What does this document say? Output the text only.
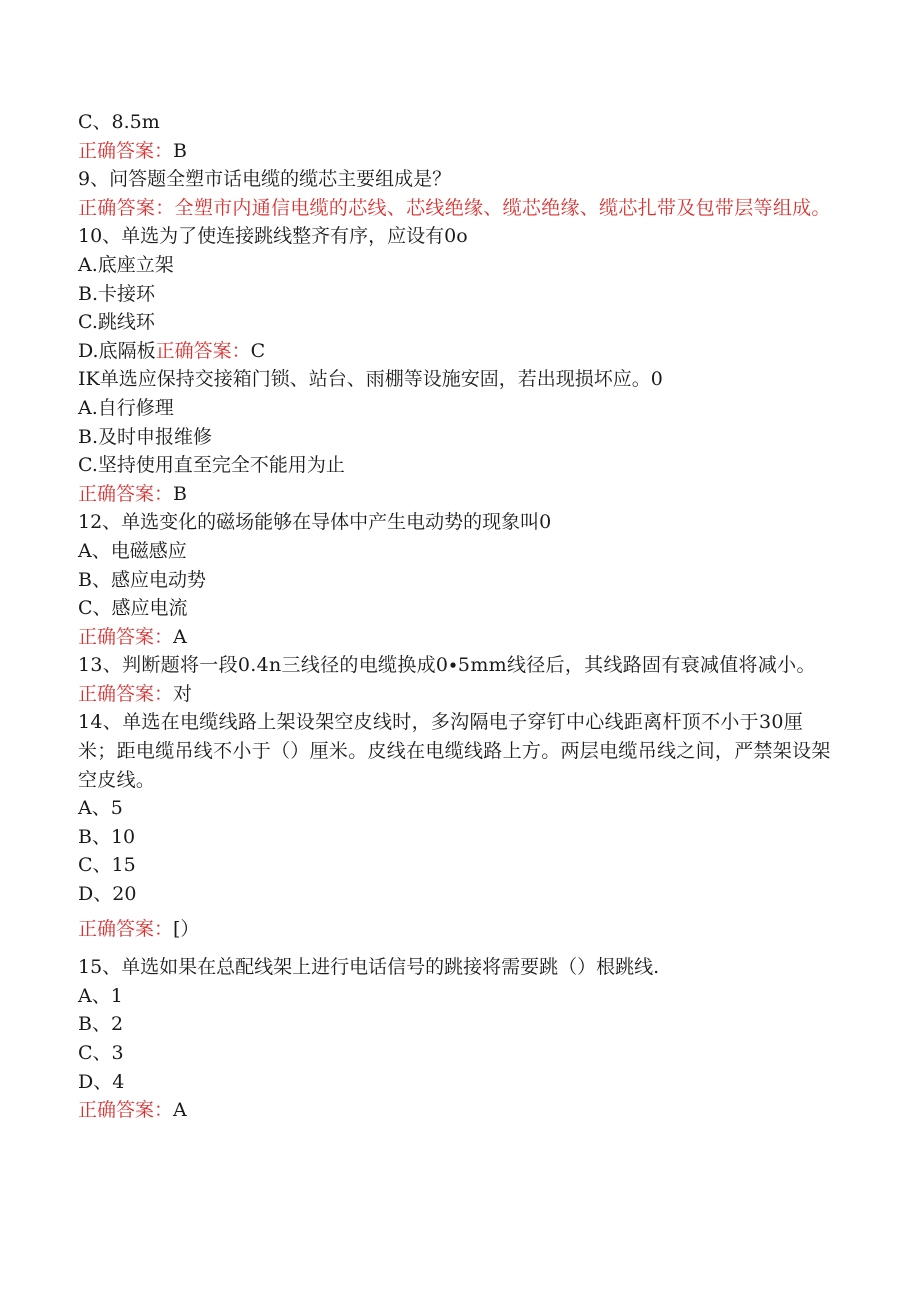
C、8.5m

正确答案：B

9、问答题全塑市话电缆的缆芯主要组成是？

正确答案：全塑市内通信电缆的芯线、芯线绝缘、缆芯绝缘、缆芯扎带及包带层等组成。

10、单选为了使连接跳线整齐有序，应设有0o

A.底座立架

B.卡接环

C.跳线环

D.底隔板正确答案：C

IK单选应保持交接箱门锁、站台、雨棚等设施安固，若出现损坏应。0

A.自行修理

B.及时申报维修

C.坚持使用直至完全不能用为止

正确答案：B

12、单选变化的磁场能够在导体中产生电动势的现象叫0

A、电磁感应

B、感应电动势

C、感应电流

正确答案：A

13、判断题将一段0.4n三线径的电缆换成0∙5mm线径后，其线路固有衰减值将减小。

正确答案：对

14、单选在电缆线路上架设架空皮线时，多沟隔电子穿钉中心线距离杆顶不小于30厘米；距电缆吊线不小于（）厘米。皮线在电缆线路上方。两层电缆吊线之间，严禁架设架空皮线。

A、5

B、10

C、15

D、20

正确答案：[）

15、单选如果在总配线架上进行电话信号的跳接将需要跳（）根跳线.

A、1

B、2

C、3

D、4

正确答案：A
